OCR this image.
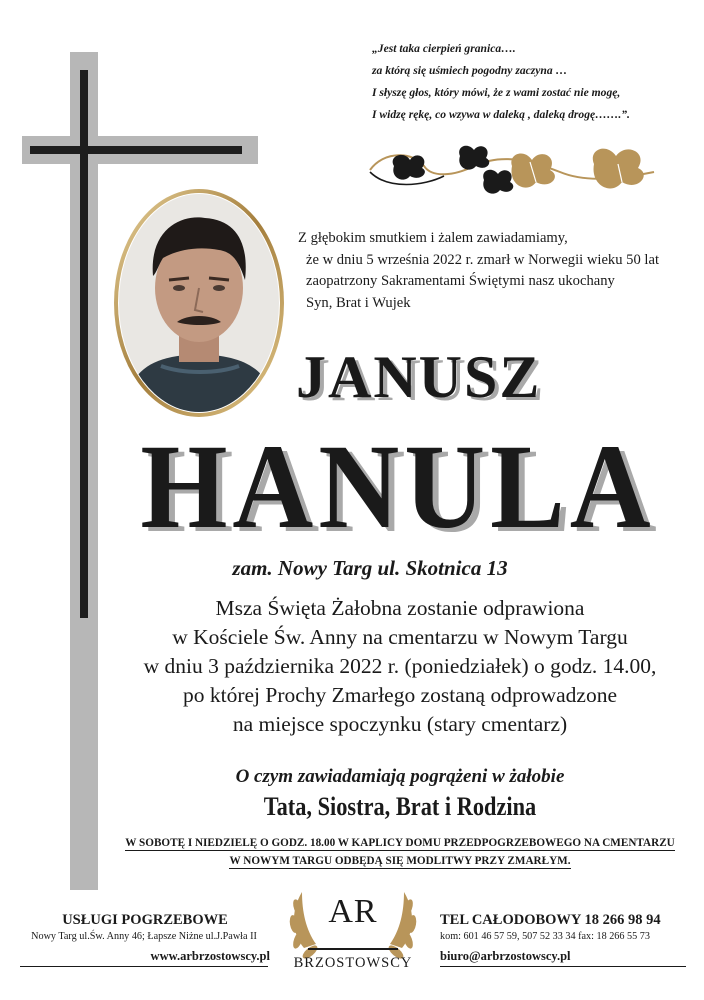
„Jest taka cierpień granica….
za którą się uśmiech pogodny zaczyna …
I słyszę głos, który mówi, że z wami zostać nie mogę,
I widzę rękę, co wzywa w daleką , daleką drogę…….”.
Z głębokim smutkiem i żalem zawiadamiamy,
że w dniu 5 września 2022 r. zmarł w Norwegii wieku 50 lat
zaopatrzony Sakramentami Świętymi nasz ukochany
Syn, Brat i Wujek
JANUSZ
HANULA
zam. Nowy Targ ul. Skotnica 13
Msza Święta Żałobna zostanie odprawiona
w Kościele Św. Anny na cmentarzu w Nowym Targu
w dniu 3 października 2022 r. (poniedziałek) o godz. 14.00,
po której Prochy Zmarłego zostaną odprowadzone
na miejsce spoczynku (stary cmentarz)
O czym zawiadamiają pogrążeni w żałobie
Tata, Siostra, Brat i Rodzina
W SOBOTĘ I NIEDZIELĘ O GODZ. 18.00 W KAPLICY DOMU PRZEDPOGRZEBOWEGO NA CMENTARZU
W NOWYM TARGU ODBĘDĄ SIĘ MODLITWY PRZY ZMARŁYM.
USŁUGI POGRZEBOWE
Nowy Targ ul.Św. Anny 46; Łapsze Niżne ul.J.Pawła II
www.arbrzostowscy.pl
AR
BRZOSTOWSCY
TEL CAŁODOBOWY 18 266 98 94
kom: 601 46 57 59, 507 52 33 34 fax: 18 266 55 73
biuro@arbrzostowscy.pl
